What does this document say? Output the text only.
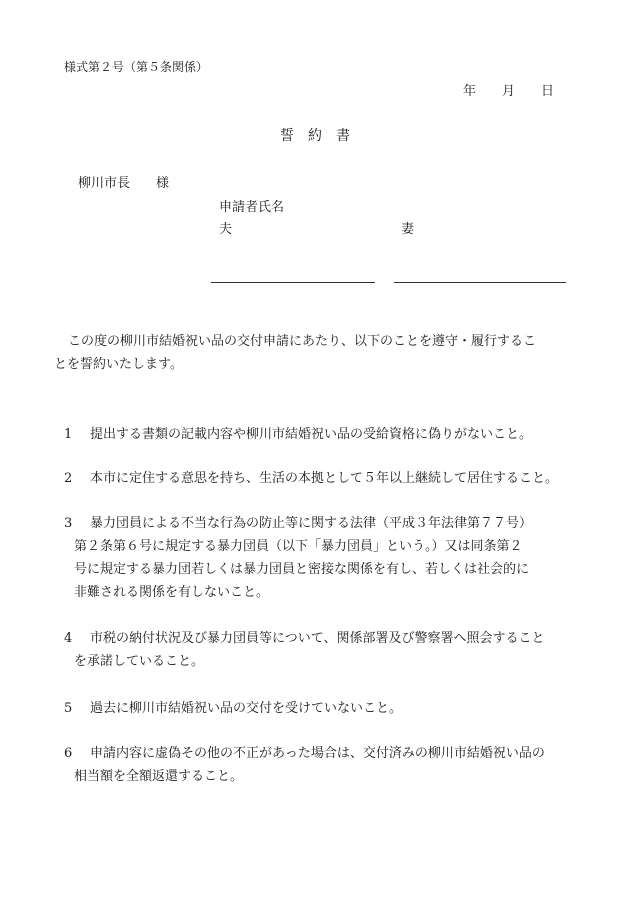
様式第２号（第５条関係）
年 月 日
誓約書
柳川市長 様
申請者氏名
夫	妻
この度の柳川市結婚祝い品の交付申請にあたり、以下のことを遵守・履行するこ
とを誓約いたします。
1	提出する書類の記載内容や柳川市結婚祝い品の受給資格に偽りがないこと。
2	本市に定住する意思を持ち、生活の本拠として５年以上継続して居住すること。
3	暴力団員による不当な行為の防止等に関する法律（平成３年法律第７７号）
第２条第６号に規定する暴力団員（以下「暴力団員」という。）又は同条第２
号に規定する暴力団若しくは暴力団員と密接な関係を有し、若しくは社会的に
非難される関係を有しないこと。
4	市税の納付状況及び暴力団員等について、関係部署及び警察署へ照会すること
を承諾していること。
5	過去に柳川市結婚祝い品の交付を受けていないこと。
6	申請内容に虚偽その他の不正があった場合は、交付済みの柳川市結婚祝い品の
相当額を全額返還すること。
